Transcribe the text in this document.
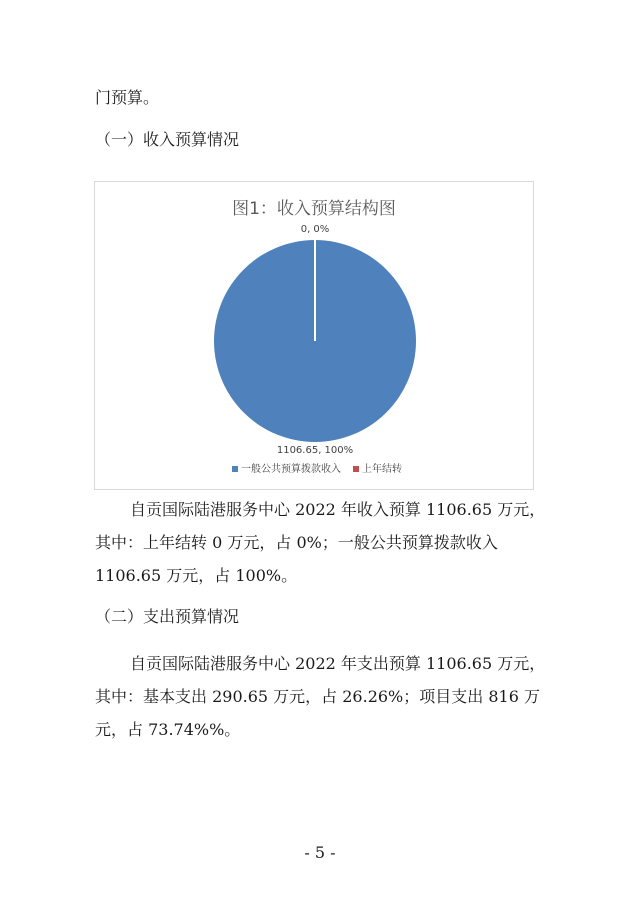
门预算。
（一）收入预算情况
图1：收入预算结构图
0, 0%
1106.65, 100%
一般公共预算拨款收入 上年结转
自贡国际陆港服务中心 2022 年收入预算 1106.65 万元，
其中：上年结转 0 万元，占 0%；一般公共预算拨款收入
1106.65 万元，占 100%。
（二）支出预算情况
自贡国际陆港服务中心 2022 年支出预算 1106.65 万元，
其中：基本支出 290.65 万元，占 26.26%；项目支出 816 万
元，占 73.74%%。
- 5 -
